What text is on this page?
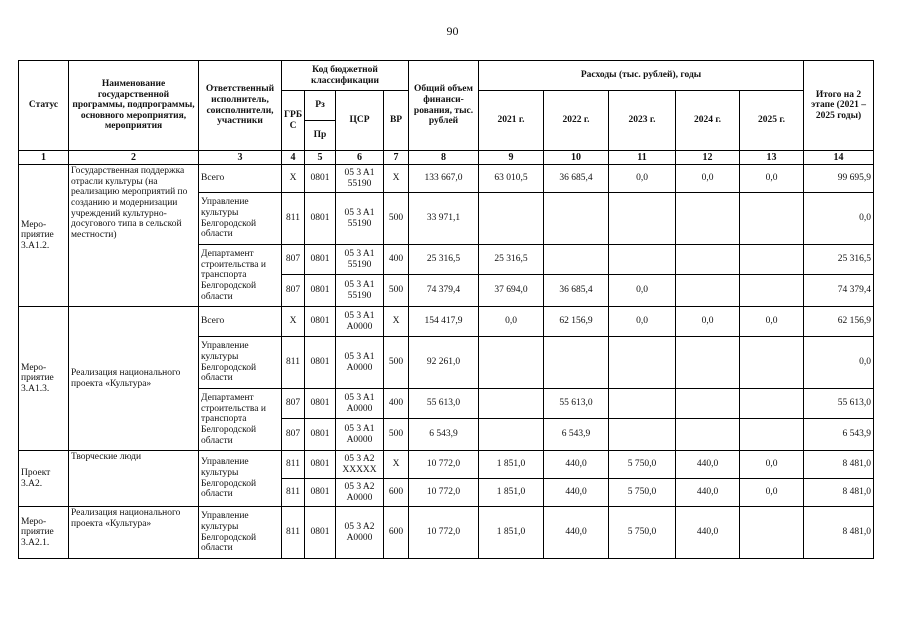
90
Статус	Наименование государственной программы, подпрограммы, основного мероприятия, мероприятия	Ответственный исполнитель, соисполнители, участники	Код бюджетной классификации				Общий объем финанси-рования, тыс. рублей	Расходы (тыс. рублей), годы					Итого на 2 этапе (2021 – 2025 годы)
			ГРБ С	Рз	ЦСР	ВР		2021 г.	2022 г.	2023 г.	2024 г.	2025 г.	
				Пр									
1	2	3	4	5	6	7	8	9	10	11	12	13	14
Меро-приятие 3.А1.2.	Государственная поддержка отрасли культуры (на реализацию мероприятий по созданию и модернизации учреждений культурно-досугового типа в сельской местности)	Всего	X	0801	05 3 A1 55190	X	133 667,0	63 010,5	36 685,4	0,0	0,0	0,0	99 695,9
		Управление культуры Белгородской области	811	0801	05 3 A1 55190	500	33 971,1						0,0
		Департамент строительства и транспорта Белгородской области	807	0801	05 3 A1 55190	400	25 316,5	25 316,5					25 316,5
			807	0801	05 3 A1 55190	500	74 379,4	37 694,0	36 685,4	0,0			74 379,4
Меро-приятие 3.А1.3.	Реализация национального проекта «Культура»	Всего	X	0801	05 3 A1 A0000	X	154 417,9	0,0	62 156,9	0,0	0,0	0,0	62 156,9
		Управление культуры Белгородской области	811	0801	05 3 A1 A0000	500	92 261,0						0,0
		Департамент строительства и транспорта Белгородской области	807	0801	05 3 A1 A0000	400	55 613,0		55 613,0				55 613,0
			807	0801	05 3 A1 A0000	500	6 543,9		6 543,9				6 543,9
Проект 3.А2.	Творческие люди	Управление культуры Белгородской области	811	0801	05 3 A2 XXXXX	X	10 772,0	1 851,0	440,0	5 750,0	440,0	0,0	8 481,0
			811	0801	05 3 A2 A0000	600	10 772,0	1 851,0	440,0	5 750,0	440,0	0,0	8 481,0
Меро-приятие 3.А2.1.	Реализация национального проекта «Культура»	Управление культуры Белгородской области	811	0801	05 3 A2 A0000	600	10 772,0	1 851,0	440,0	5 750,0	440,0		8 481,0
